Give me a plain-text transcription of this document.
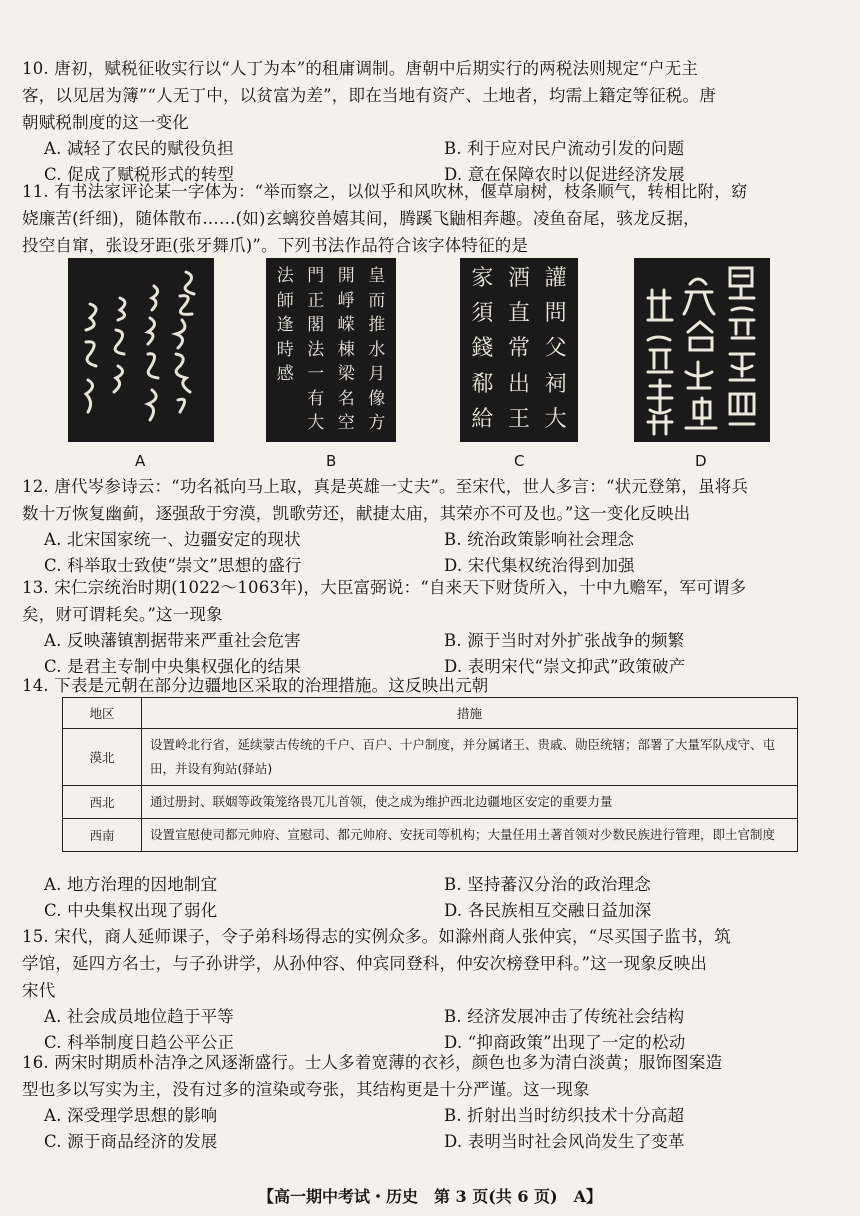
10. 唐初，赋税征收实行以“人丁为本”的租庸调制。唐朝中后期实行的两税法则规定“户无主

客，以见居为簿”“人无丁中，以贫富为差”，即在当地有资产、土地者，均需上籍定等征税。唐

朝赋税制度的这一变化

A. 减轻了农民的赋役负担	B. 利于应对民户流动引发的问题
C. 促成了赋税形式的转型	D. 意在保障农时以促进经济发展

11. 有书法家评论某一字体为：“举而察之，以似乎和风吹林，偃草扇树，枝条顺气，转相比附，窈

娆廉苦(纤细)，随体散布……(如)玄螭狡兽嬉其间，腾蹊飞鼬相奔趣。凌鱼奋尾，骇龙反据，

投空自窜，张设牙距(张牙舞爪)”。下列书法作品符合该字体特征的是

A
皇
而
推
水
月
像
方
開
崢
嵘
棟
梁
名
空
門
正
閣
法
一
有
大
法
師
逢
時
感
B
讙
問
父
祠
大
酒
直
常
出
王
家
須
錢
郗
給
C	D

12. 唐代岑参诗云：“功名祗向马上取，真是英雄一丈夫”。至宋代，世人多言：“状元登第，虽将兵

数十万恢复幽蓟，逐强敌于穷漠，凯歌劳还，献捷太庙，其荣亦不可及也。”这一变化反映出

A. 北宋国家统一、边疆安定的现状	B. 统治政策影响社会理念
C. 科举取士致使“崇文”思想的盛行	D. 宋代集权统治得到加强

13. 宋仁宗统治时期(1022～1063年)，大臣富弼说：“自来天下财货所入，十中九赡军，军可谓多

矣，财可谓耗矣。”这一现象

A. 反映藩镇割据带来严重社会危害	B. 源于当时对外扩张战争的频繁
C. 是君主专制中央集权强化的结果	D. 表明宋代“崇文抑武”政策破产

14. 下表是元朝在部分边疆地区采取的治理措施。这反映出元朝

地区	措施
漠北	设置岭北行省，延续蒙古传统的千户、百户、十户制度，并分属诸王、贵戚、勋臣统辖；部署了大量军队戍守、屯田，并设有狗站(驿站)
西北	通过册封、联姻等政策笼络畏兀儿首领，使之成为维护西北边疆地区安定的重要力量
西南	设置宣慰使司都元帅府、宣慰司、都元帅府、安抚司等机构；大量任用土著首领对少数民族进行管理，即土官制度
A. 地方治理的因地制宜	B. 坚持蕃汉分治的政治理念
C. 中央集权出现了弱化	D. 各民族相互交融日益加深

15. 宋代，商人延师课子，令子弟科场得志的实例众多。如滁州商人张仲宾，“尽买国子监书，筑

学馆，延四方名士，与子孙讲学，从孙仲容、仲宾同登科，仲安次榜登甲科。”这一现象反映出

宋代

A. 社会成员地位趋于平等	B. 经济发展冲击了传统社会结构
C. 科举制度日趋公平公正	D. “抑商政策”出现了一定的松动

16. 两宋时期质朴洁净之风逐渐盛行。士人多着宽薄的衣衫，颜色也多为清白淡黄；服饰图案造

型也多以写实为主，没有过多的渲染或夸张，其结构更是十分严谨。这一现象

A. 深受理学思想的影响	B. 折射出当时纺织技术十分高超
C. 源于商品经济的发展	D. 表明当时社会风尚发生了变革
【高一期中考试・历史　第 3 页(共 6 页)　A】
